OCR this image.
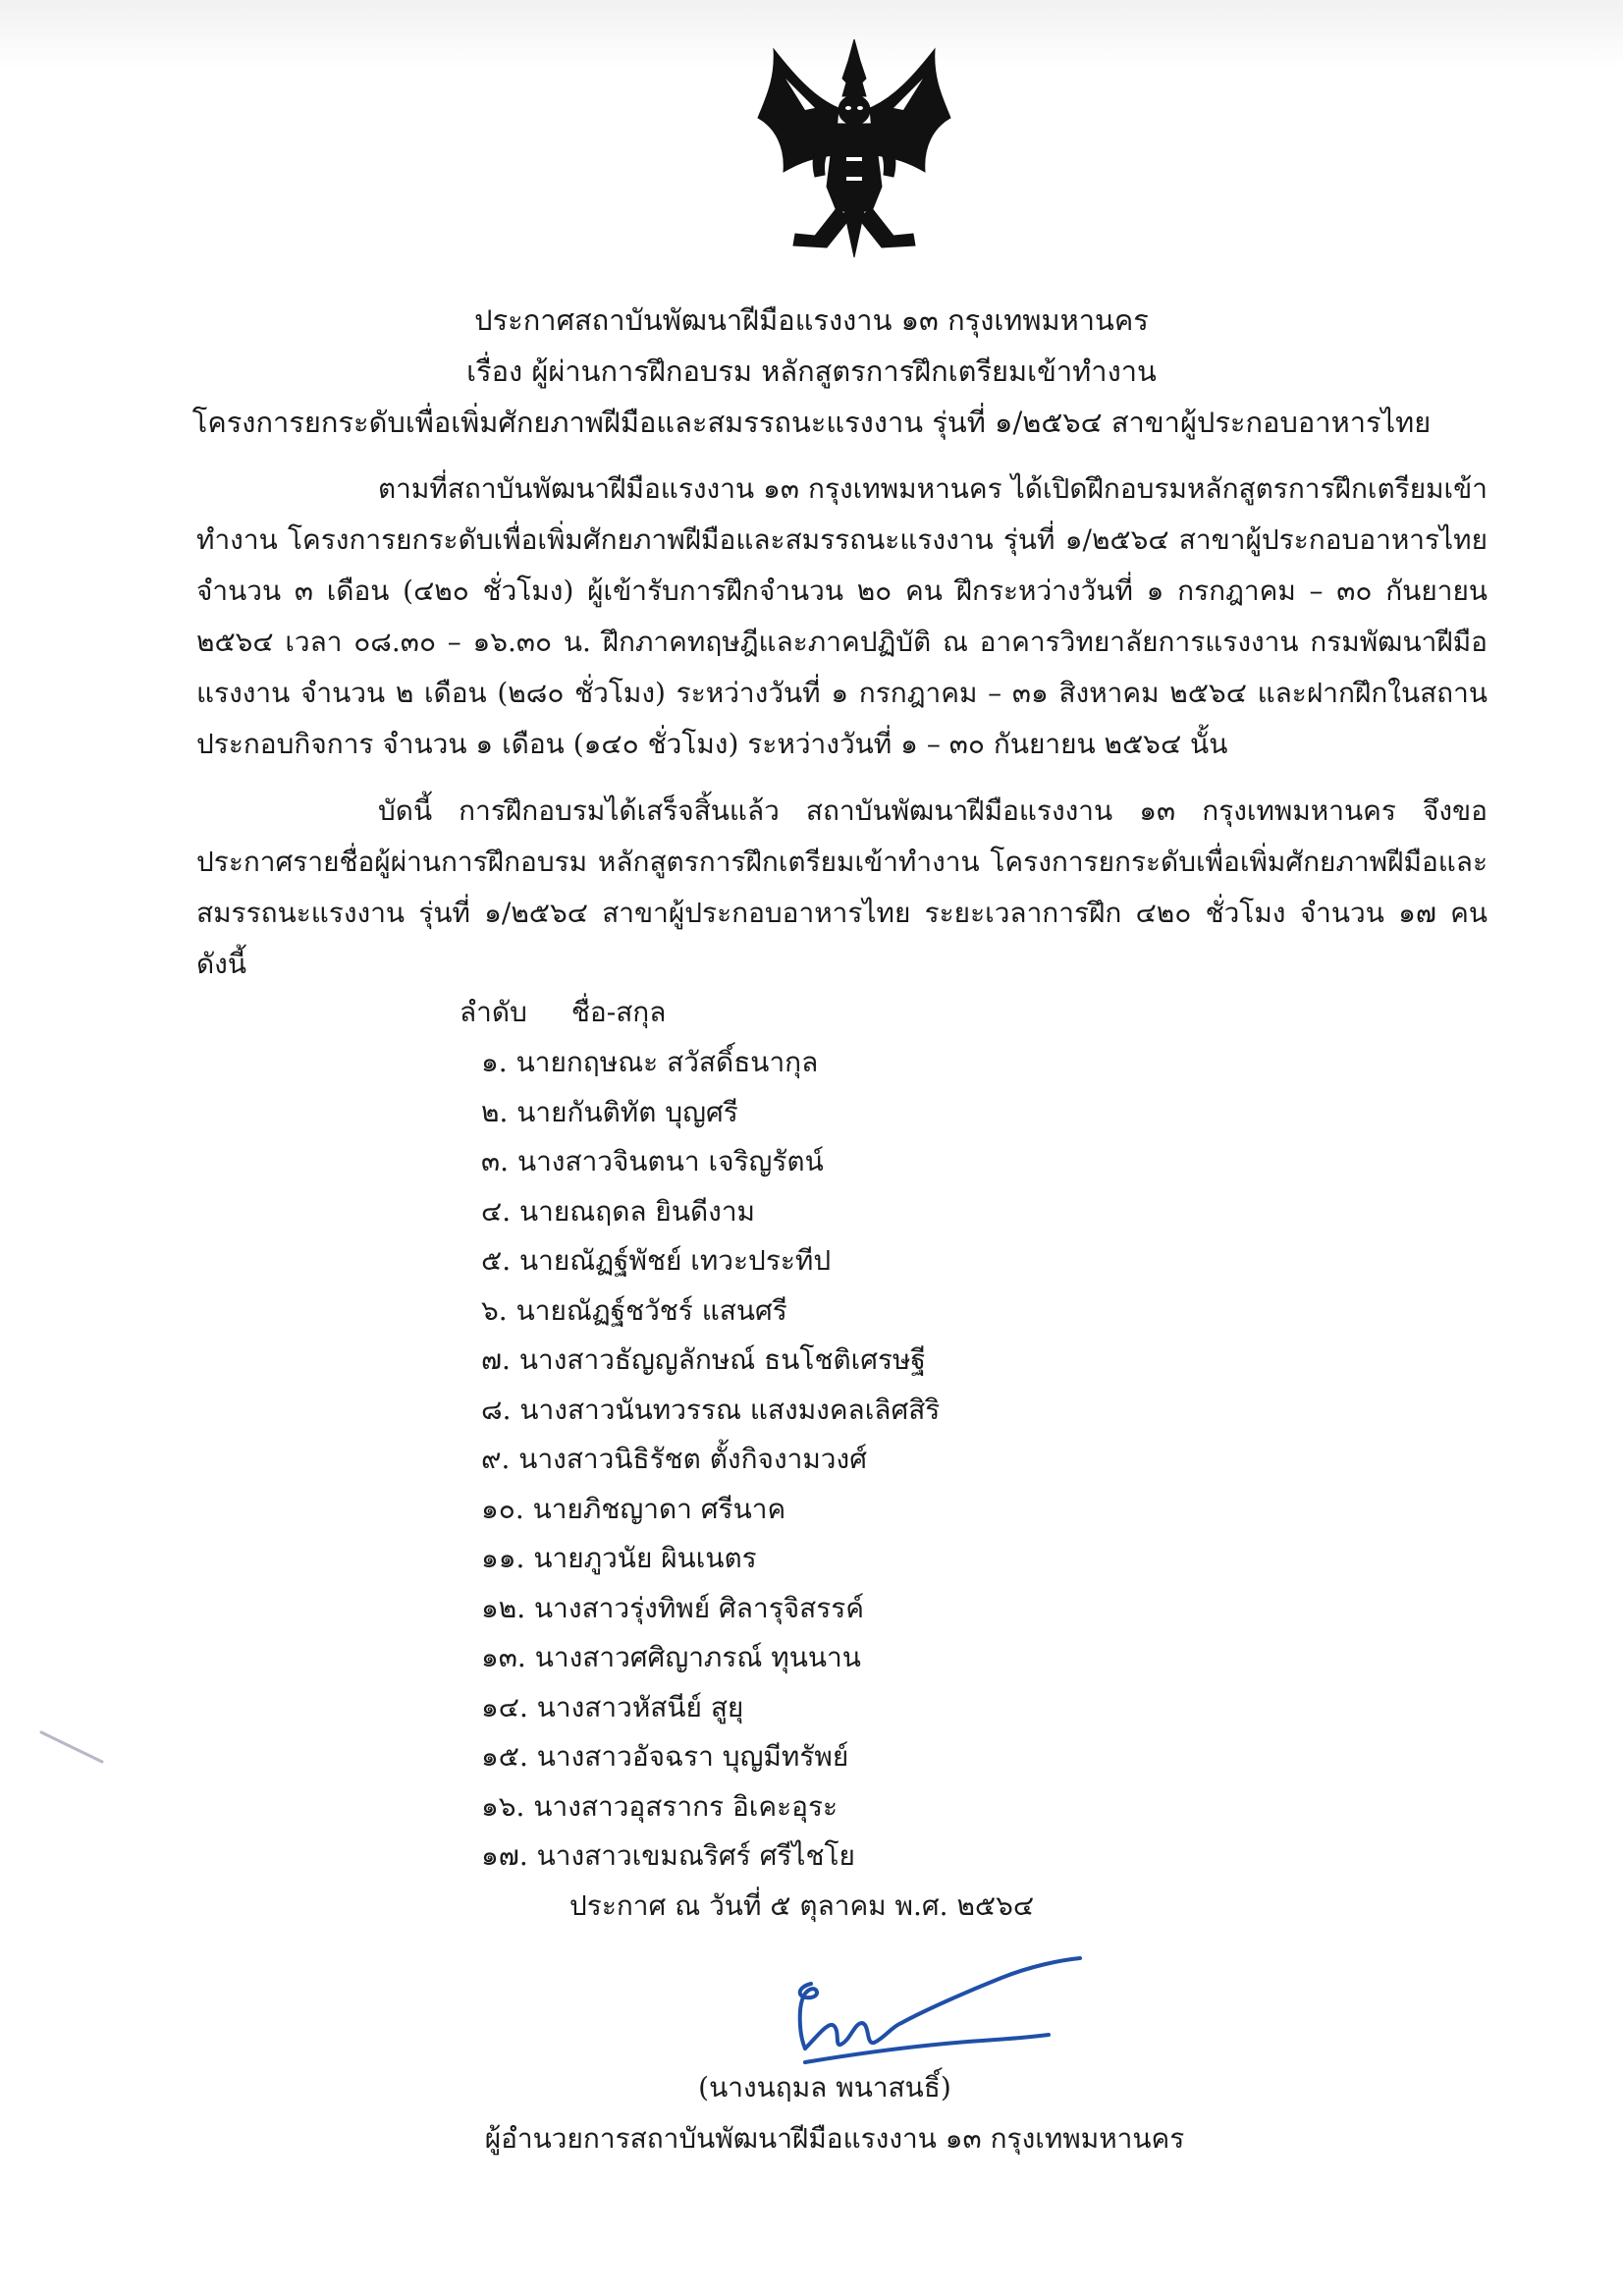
ประกาศสถาบันพัฒนาฝีมือแรงงาน ๑๓ กรุงเทพมหานคร
เรื่อง ผู้ผ่านการฝึกอบรม หลักสูตรการฝึกเตรียมเข้าทำงาน
โครงการยกระดับเพื่อเพิ่มศักยภาพฝีมือและสมรรถนะแรงงาน รุ่นที่ ๑/๒๕๖๔ สาขาผู้ประกอบอาหารไทย
ตามที่สถาบันพัฒนาฝีมือแรงงาน ๑๓ กรุงเทพมหานคร ได้เปิดฝึกอบรมหลักสูตรการฝึกเตรียมเข้าทำงาน โครงการยกระดับเพื่อเพิ่มศักยภาพฝีมือและสมรรถนะแรงงาน รุ่นที่ ๑/๒๕๖๔ สาขาผู้ประกอบอาหารไทย จำนวน ๓ เดือน (๔๒๐ ชั่วโมง) ผู้เข้ารับการฝึกจำนวน ๒๐ คน ฝึกระหว่างวันที่ ๑ กรกฎาคม – ๓๐ กันยายน ๒๕๖๔ เวลา ๐๘.๓๐ – ๑๖.๓๐ น. ฝึกภาคทฤษฎีและภาคปฏิบัติ ณ อาคารวิทยาลัยการแรงงาน กรมพัฒนาฝีมือแรงงาน จำนวน ๒ เดือน (๒๘๐ ชั่วโมง) ระหว่างวันที่ ๑ กรกฎาคม – ๓๑ สิงหาคม ๒๕๖๔ และฝากฝึกในสถานประกอบกิจการ จำนวน ๑ เดือน (๑๔๐ ชั่วโมง) ระหว่างวันที่ ๑ – ๓๐ กันยายน ๒๕๖๔ นั้น
บัดนี้ การฝึกอบรมได้เสร็จสิ้นแล้ว สถาบันพัฒนาฝีมือแรงงาน ๑๓ กรุงเทพมหานคร จึงขอประกาศรายชื่อผู้ผ่านการฝึกอบรม หลักสูตรการฝึกเตรียมเข้าทำงาน โครงการยกระดับเพื่อเพิ่มศักยภาพฝีมือและสมรรถนะแรงงาน รุ่นที่ ๑/๒๕๖๔ สาขาผู้ประกอบอาหารไทย ระยะเวลาการฝึก ๔๒๐ ชั่วโมง จำนวน ๑๗ คน ดังนี้
ลำดับ ชื่อ-สกุล
๑. นายกฤษณะ สวัสดิ์ธนากุล
๒. นายกันติทัต บุญศรี
๓. นางสาวจินตนา เจริญรัตน์
๔. นายณฤดล ยินดีงาม
๕. นายณัฏฐ์พัชย์ เทวะประทีป
๖. นายณัฏฐ์ชวัชร์ แสนศรี
๗. นางสาวธัญญลักษณ์ ธนโชติเศรษฐี
๘. นางสาวนันทวรรณ แสงมงคลเลิศสิริ
๙. นางสาวนิธิรัชต ตั้งกิจงามวงศ์
๑๐. นายภิชญาดา ศรีนาค
๑๑. นายภูวนัย ผินเนตร
๑๒. นางสาวรุ่งทิพย์ ศิลารุจิสรรค์
๑๓. นางสาวศศิญาภรณ์ ทุนนาน
๑๔. นางสาวหัสนีย์ สูยุ
๑๕. นางสาวอัจฉรา บุญมีทรัพย์
๑๖. นางสาวอุสรากร อิเคะอุระ
๑๗. นางสาวเขมณริศร์ ศรีไชโย
ประกาศ ณ วันที่ ๕ ตุลาคม พ.ศ. ๒๕๖๔
(นางนฤมล พนาสนธิ์)
ผู้อำนวยการสถาบันพัฒนาฝีมือแรงงาน ๑๓ กรุงเทพมหานคร
